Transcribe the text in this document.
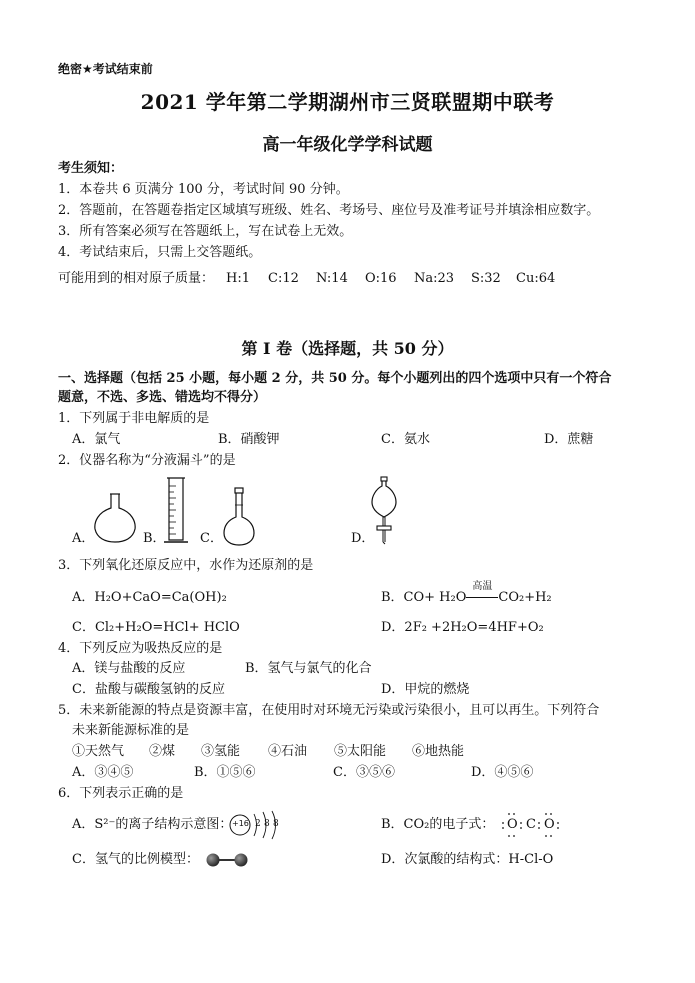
绝密★考试结束前
2021 学年第二学期湖州市三贤联盟期中联考
高一年级化学学科试题
考生须知：
1．本卷共 6 页满分 100 分，考试时间 90 分钟。
2．答题前，在答题卷指定区域填写班级、姓名、考场号、座位号及准考证号并填涂相应数字。
3．所有答案必须写在答题纸上，写在试卷上无效。
4．考试结束后，只需上交答题纸。
可能用到的相对原子质量： H:1 C:12 N:14 O:16 Na:23 S:32 Cu:64
第 I 卷（选择题，共 50 分）
一、选择题（包括 25 小题，每小题 2 分，共 50 分。每个小题列出的四个选项中只有一个符合
题意，不选、多选、错选均不得分）
1．下列属于非电解质的是
A．氯气	B．硝酸钾	C．氨水	D．蔗糖
2．仪器名称为“分液漏斗”的是
A．	B．	C．	D．
3．下列氧化还原反应中，水作为还原剂的是
A．H₂O+CaO=Ca(OH)₂	B．CO+ H₂O
高温
CO₂+H₂
C．Cl₂+H₂O=HCl+ HClO	D．2F₂ +2H₂O=4HF+O₂
4．下列反应为吸热反应的是
A．镁与盐酸的反应	B．氢气与氯气的化合
C．盐酸与碳酸氢钠的反应	D．甲烷的燃烧
5．未来新能源的特点是资源丰富，在使用时对环境无污染或污染很小，且可以再生。下列符合
未来新能源标准的是
①天然气 ②煤 ③氢能 ④石油 ⑤太阳能 ⑥地热能
A．③④⑤	B．①⑤⑥	C．③⑤⑥	D．④⑤⑥
6．下列表示正确的是
A．S²⁻的离子结构示意图： +16 2 8 8	B．CO₂的电子式： O C O
C．氢气的比例模型：	D．次氯酸的结构式：H-Cl-O
